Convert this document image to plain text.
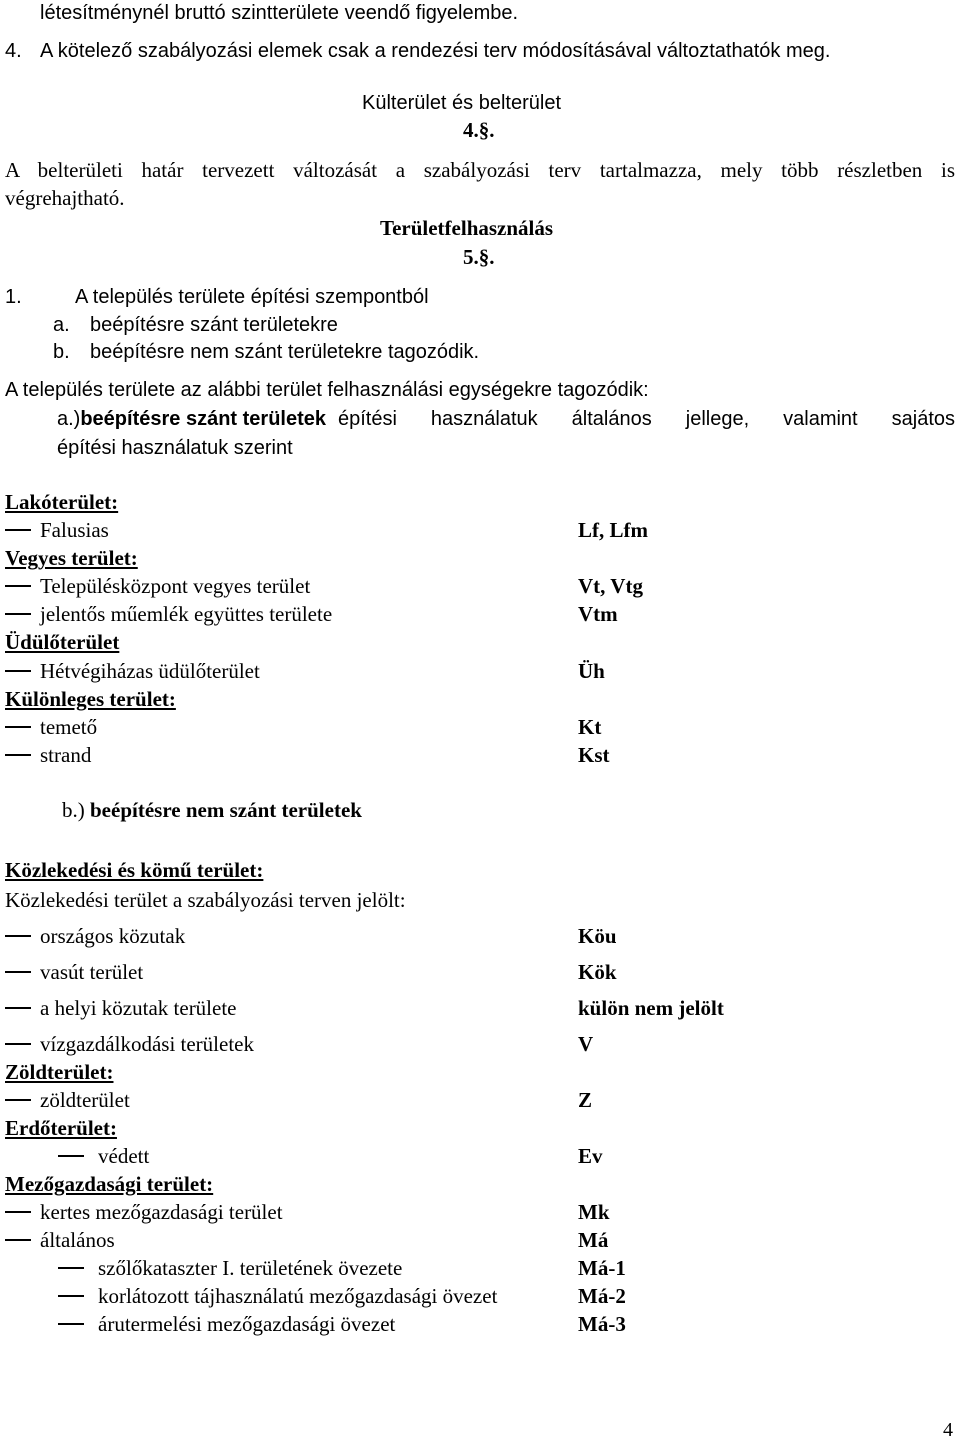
létesítménynél bruttó szintterülete veendő figyelembe.
4. A kötelező szabályozási elemek csak a rendezési terv módosításával változtathatók meg.
Külterület és belterület
4.§.
A belterületi határ tervezett változását a szabályozási terv tartalmazza, mely több részletben is
végrehajtható.
Területfelhasználás
5.§.
1.	A település területe építési szempontból
a. beépítésre szánt területekre
b. beépítésre nem szánt területekre tagozódik.
A település területe az alábbi terület felhasználási egységekre tagozódik:
a.) beépítésre szánt területek építési használatuk általános jellege, valamint sajátos
építési használatuk szerint
Lakóterület:
Falusias	Lf, Lfm
Vegyes terület:
Településközpont vegyes terület	Vt, Vtg
jelentős műemlék együttes területe	Vtm
Üdülőterület
Hétvégiházas üdülőterület	Üh
Különleges terület:
temető	Kt
strand	Kst
b.) beépítésre nem szánt területek
Közlekedési és kömű terület:
Közlekedési terület a szabályozási terven jelölt:
országos közutak	Köu
vasút terület	Kök
a helyi közutak területe	külön nem jelölt
vízgazdálkodási területek	V
Zöldterület:
zöldterület	Z
Erdőterület:
védett	Ev
Mezőgazdasági terület:
kertes mezőgazdasági terület	Mk
általános	Má
szőlőkataszter I. területének övezete	Má-1
korlátozott tájhasználatú mezőgazdasági övezet	Má-2
árutermelési mezőgazdasági övezet	Má-3
4
